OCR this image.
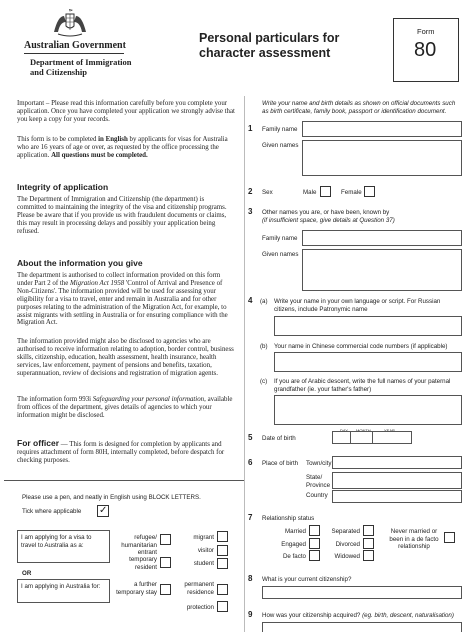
Australian Government
Department of Immigration
and Citizenship
Personal particulars for
character assessment
Form
80
Important – Please read this information carefully before you complete your application. Once you have completed your application we strongly advise that you keep a copy for your records.
This form is to be completed in English by applicants for visas for Australia who are 16 years of age or over, as requested by the office processing the application. All questions must be completed.
Integrity of application
The Department of Immigration and Citizenship (the department) is committed to maintaining the integrity of the visa and citizenship programs. Please be aware that if you provide us with fraudulent documents or claims, this may result in processing delays and possibly your application being refused.
About the information you give
The department is authorised to collect information provided on this form under Part 2 of the Migration Act 1958 'Control of Arrival and Presence of Non-Citizens'. The information provided will be used for assessing your eligibility for a visa to travel, enter and remain in Australia and for other purposes relating to the administration of the Migration Act, for example, to assist migrants with settling in Australia or for ensuring compliance with the Migration Act.
The information provided might also be disclosed to agencies who are authorised to receive information relating to adoption, border control, business skills, citizenship, education, health assessment, health insurance, health services, law enforcement, payment of pensions and benefits, taxation, superannuation, review of decisions and registration of migration agents.
The information form 993i Safeguarding your personal information, available from offices of the department, gives details of agencies to which your information might be disclosed.
For officer — This form is designed for completion by applicants and requires attachment of form 80H, internally completed, before despatch for checking purposes.
Please use a pen, and neatly in English using BLOCK LETTERS.
Tick where applicable ✓
I am applying for a visa to travel to Australia as a:
refugee/ humanitarian entrant
migrant
visitor
temporary resident	student
OR
I am applying in Australia for:	a further temporary stay
permanent residence
protection
Write your name and birth details as shown on official documents such as birth certificate, family book, passport or identification document.
1 Family name
Given names
2 Sex	Male	Female
3 Other names you are, or have been, known by
(if insufficient space, give details at Question 37)
Family name
Given names
4 (a) Write your name in your own language or script. For Russian citizens, include Patronymic name
(b) Your name in Chinese commercial code numbers (if applicable)
(c) If you are of Arabic descent, write the full names of your paternal grandfather (ie. your father's father)
5 Date of birth
6 Place of birth Town/city
State/ Province
Country
7 Relationship status
Married	Separated	Never married or been in a de facto relationship
Engaged	Divorced
De facto	Widowed
8 What is your current citizenship?
9 How was your citizenship acquired? (eg. birth, descent, naturalisation)
